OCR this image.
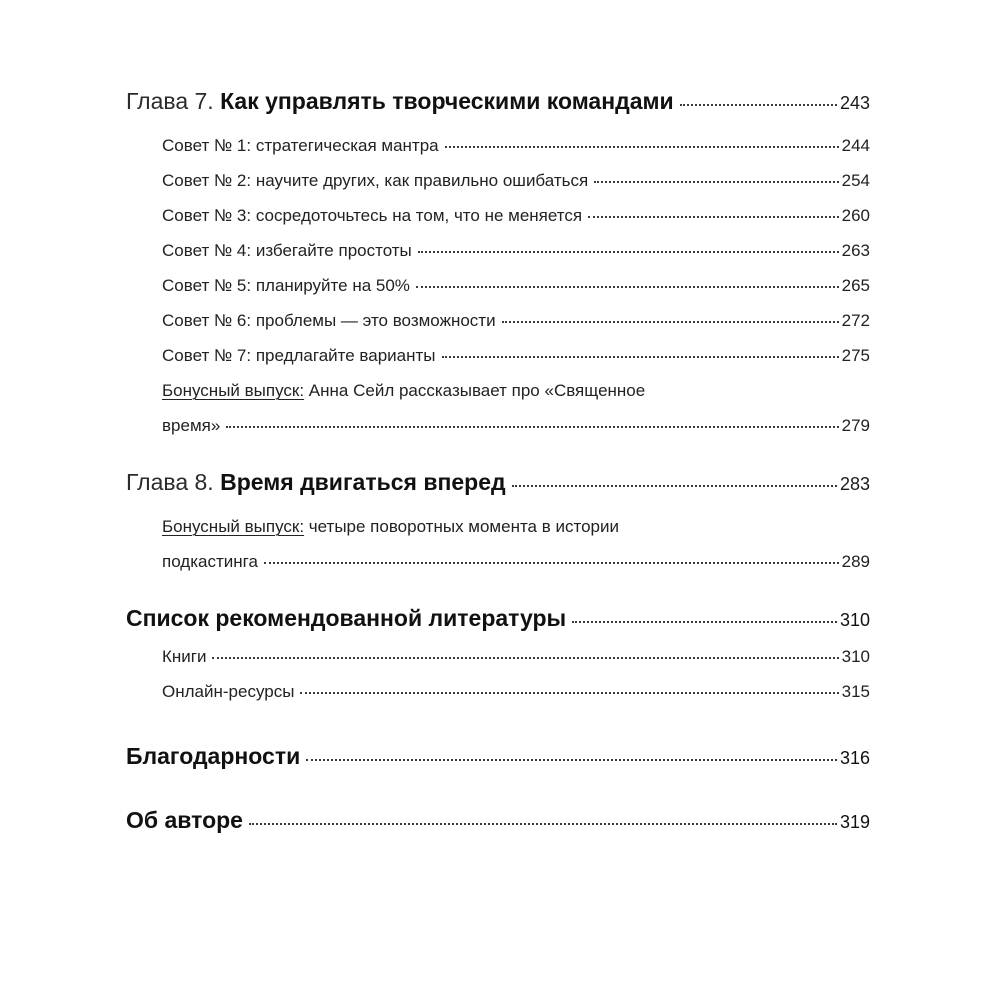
Глава 7. Как управлять творческими командами	243
Совет № 1: стратегическая мантра	244
Совет № 2: научите других, как правильно ошибаться	254
Совет № 3: сосредоточьтесь на том, что не меняется	260
Совет № 4: избегайте простоты	263
Совет № 5: планируйте на 50%	265
Совет № 6: проблемы — это возможности	272
Совет № 7: предлагайте варианты	275
Бонусный выпуск: Анна Сейл рассказывает про «Священное
время»	279
Глава 8. Время двигаться вперед	283
Бонусный выпуск: четыре поворотных момента в истории
подкастинга	289
Список рекомендованной литературы	310
Книги	310
Онлайн-ресурсы	315
Благодарности	316
Об авторе	319
